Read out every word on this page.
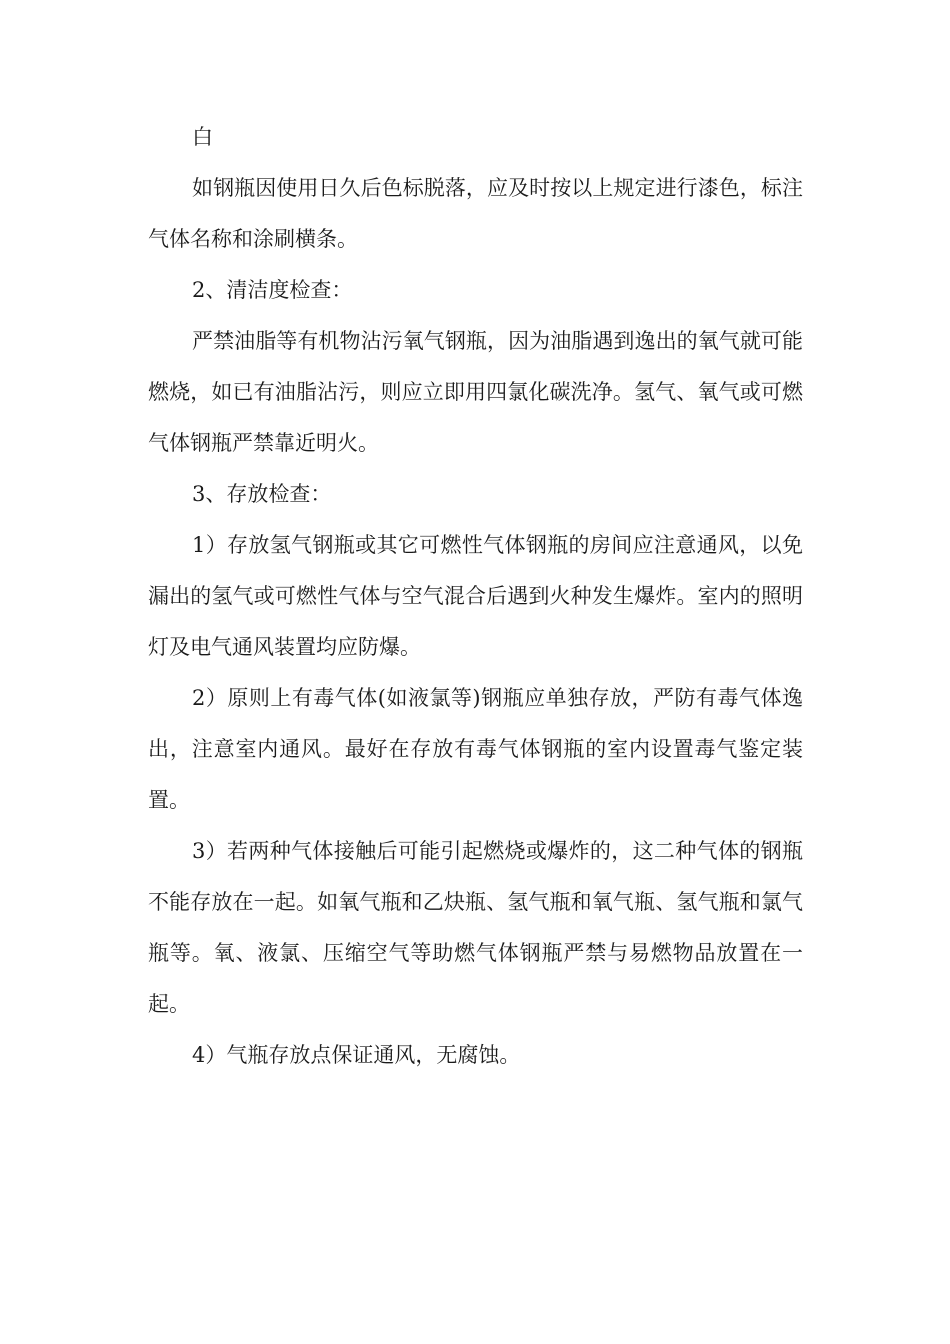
白

如钢瓶因使用日久后色标脱落，应及时按以上规定进行漆色，标注气体名称和涂刷横条。

2、清洁度检查：

严禁油脂等有机物沾污氧气钢瓶，因为油脂遇到逸出的氧气就可能燃烧，如已有油脂沾污，则应立即用四氯化碳洗净。氢气、氧气或可燃气体钢瓶严禁靠近明火。

3、存放检查：

1）存放氢气钢瓶或其它可燃性气体钢瓶的房间应注意通风，以免漏出的氢气或可燃性气体与空气混合后遇到火种发生爆炸。室内的照明灯及电气通风装置均应防爆。

2）原则上有毒气体(如液氯等)钢瓶应单独存放，严防有毒气体逸出，注意室内通风。最好在存放有毒气体钢瓶的室内设置毒气鉴定装置。

3）若两种气体接触后可能引起燃烧或爆炸的，这二种气体的钢瓶不能存放在一起。如氧气瓶和乙炔瓶、氢气瓶和氧气瓶、氢气瓶和氯气瓶等。氧、液氯、压缩空气等助燃气体钢瓶严禁与易燃物品放置在一起。

4）气瓶存放点保证通风，无腐蚀。
